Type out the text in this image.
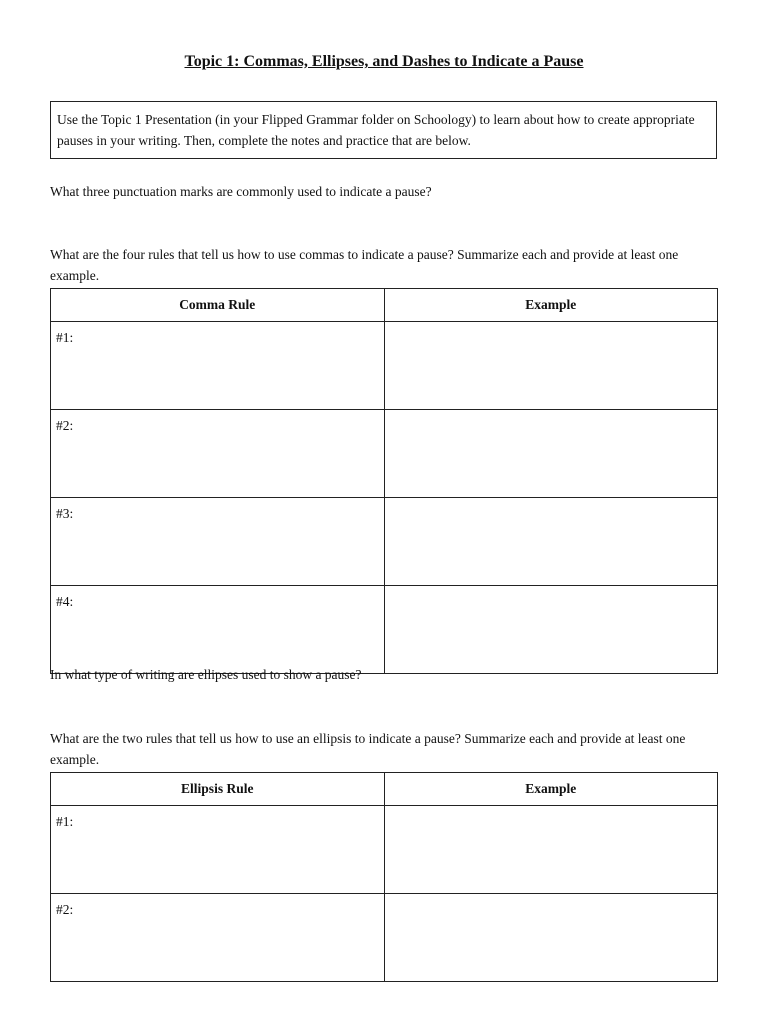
Topic 1: Commas, Ellipses, and Dashes to Indicate a Pause
Use the Topic 1 Presentation (in your Flipped Grammar folder on Schoology) to learn about how to create appropriate pauses in your writing. Then, complete the notes and practice that are below.
What three punctuation marks are commonly used to indicate a pause?
What are the four rules that tell us how to use commas to indicate a pause? Summarize each and provide at least one example.
Comma Rule	Example
#1:	
#2:	
#3:	
#4:	
In what type of writing are ellipses used to show a pause?
What are the two rules that tell us how to use an ellipsis to indicate a pause? Summarize each and provide at least one example.
Ellipsis Rule	Example
#1:	
#2:	
